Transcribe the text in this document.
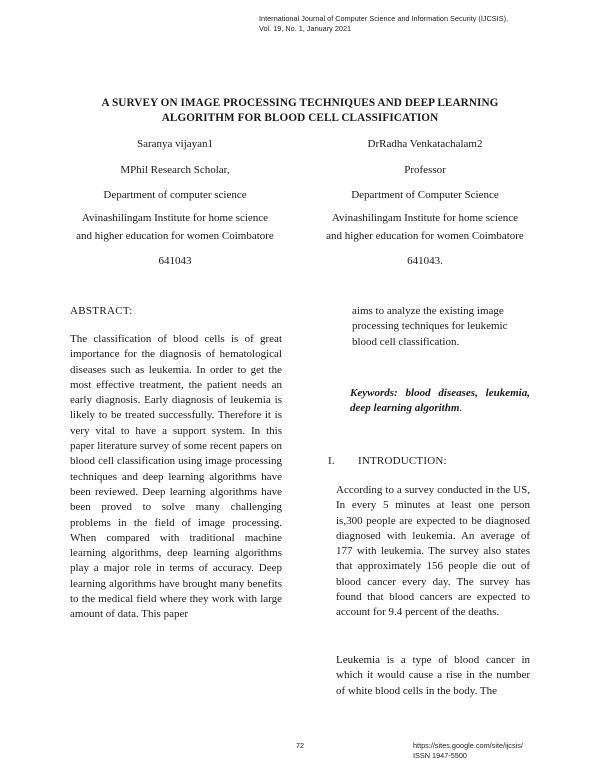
International Journal of Computer Science and Information Security (IJCSIS),
Vol. 19, No. 1, January 2021
A SURVEY ON IMAGE PROCESSING TECHNIQUES AND DEEP LEARNING
ALGORITHM FOR BLOOD CELL CLASSIFICATION
Saranya vijayan1
MPhil Research Scholar,
Department of computer science
Avinashilingam Institute for home science
and higher education for women Coimbatore
641043
DrRadha Venkatachalam2
Professor
Department of Computer Science
Avinashilingam Institute for home science
and higher education for women Coimbatore
641043.
ABSTRACT:
The classification of blood cells is of great importance for the diagnosis of hematological diseases such as leukemia. In order to get the most effective treatment, the patient needs an early diagnosis. Early diagnosis of leukemia is likely to be treated successfully. Therefore it is very vital to have a support system. In this paper literature survey of some recent papers on blood cell classification using image processing techniques and deep learning algorithms have been reviewed. Deep learning algorithms have been proved to solve many challenging problems in the field of image processing. When compared with traditional machine learning algorithms, deep learning algorithms play a major role in terms of accuracy. Deep learning algorithms have brought many benefits to the medical field where they work with large amount of data. This paper
aims to analyze the existing image processing techniques for leukemic blood cell classification.
Keywords: blood diseases, leukemia, deep learning algorithm.
I. INTRODUCTION:
According to a survey conducted in the US, In every 5 minutes at least one person is,300 people are expected to be diagnosed diagnosed with leukemia. An average of 177 with leukemia. The survey also states that approximately 156 people die out of blood cancer every day. The survey has found that blood cancers are expected to account for 9.4 percent of the deaths.
Leukemia is a type of blood cancer in which it would cause a rise in the number of white blood cells in the body. The
72	https://sites.google.com/site/ijcsis/
ISSN 1947-5500
